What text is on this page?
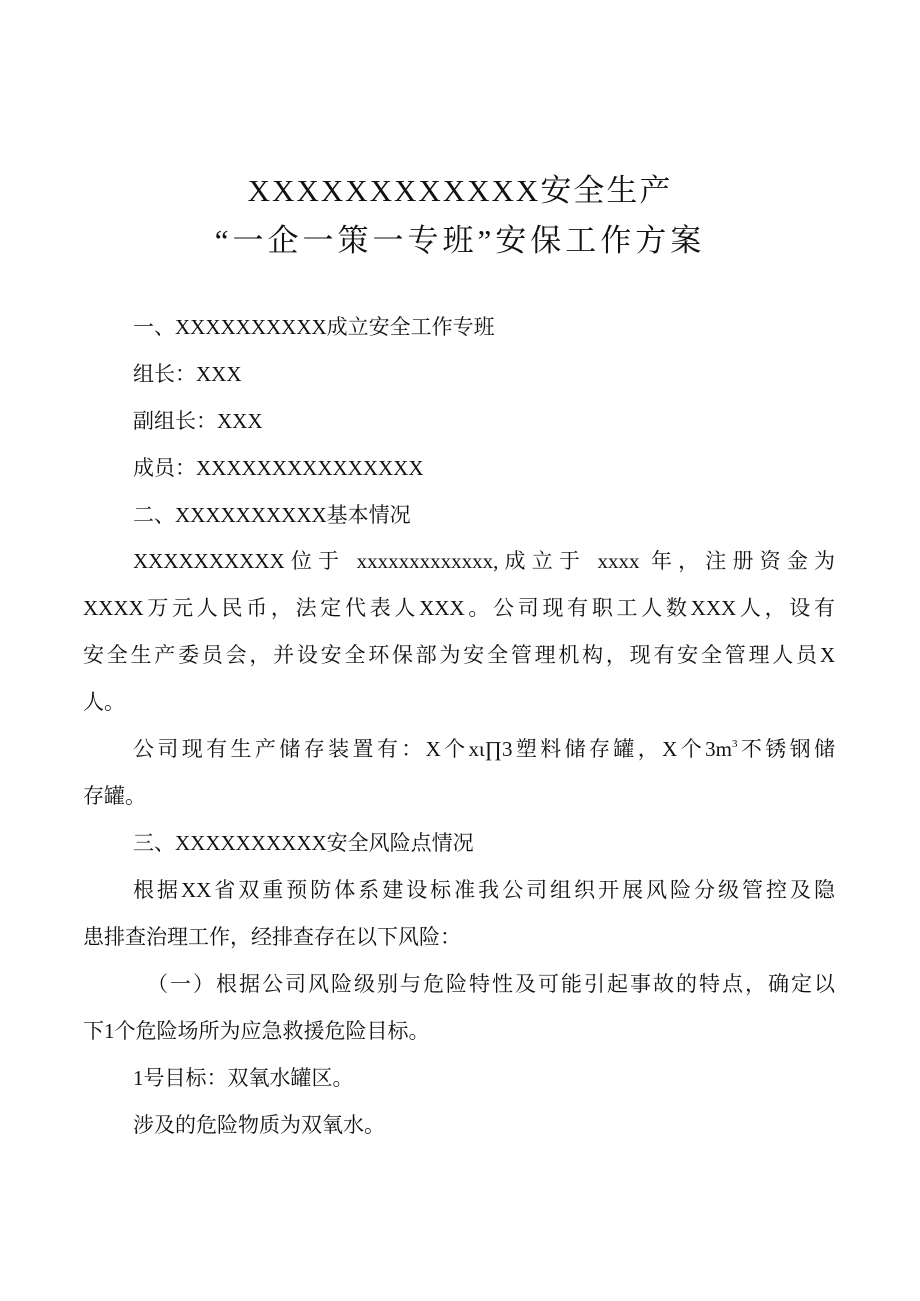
XXXXXXXXXXXX安全生产
“一企一策一专班”安保工作方案
一、XXXXXXXXXX成立安全工作专班
组长：XXX
副组长：XXX
成员：XXXXXXXXXXXXXXX
二、XXXXXXXXXX基本情况
XXXXXXXXXX位于 xxxxxxxxxxxxx,成立于 xxxx 年，注册资金为
XXXX万元人民币，法定代表人XXX。公司现有职工人数XXX人，设有
安全生产委员会，并设安全环保部为安全管理机构，现有安全管理人员X
人。
公司现有生产储存装置有：X个xι∏3塑料储存罐，X个$3m^3$不锈钢储
存罐。
三、XXXXXXXXXX安全风险点情况
根据XX省双重预防体系建设标准我公司组织开展风险分级管控及隐
患排查治理工作，经排查存在以下风险：
（一）根据公司风险级别与危险特性及可能引起事故的特点，确定以
下1个危险场所为应急救援危险目标。
1号目标：双氧水罐区。
涉及的危险物质为双氧水。
